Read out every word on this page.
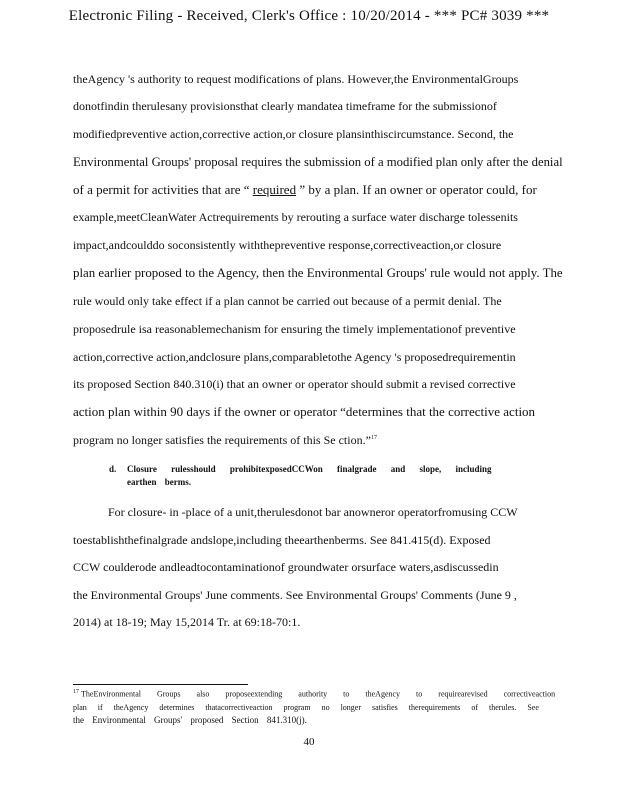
Electronic Filing - Received, Clerk's Office : 10/20/2014 - *** PC# 3039 ***
theAgency 's authority to request modifications of plans. However,the EnvironmentalGroups
donotfindin therulesany provisionsthat clearly mandatea timeframe for the submissionof
modifiedpreventive action,corrective action,or closure plansinthiscircumstance. Second, the
Environmental Groups' proposal requires the submission of a modified plan only after the denial
of a permit for activities that are “ required ” by a plan. If an owner or operator could, for
example,meetCleanWater Actrequirements by rerouting a surface water discharge tolessenits
impact,andcoulddo soconsistently withthepreventive response,correctiveaction,or closure
plan earlier proposed to the Agency, then the Environmental Groups' rule would not apply. The
rule would only take effect if a plan cannot be carried out because of a permit denial. The
proposedrule isa reasonablemechanism for ensuring the timely implementationof preventive
action,corrective action,andclosure plans,comparabletothe Agency 's proposedrequirementin
its proposed Section 840.310(i) that an owner or operator should submit a revised corrective
action plan within 90 days if the owner or operator “determines that the corrective action
program no longer satisfies the requirements of this Se ction.”$^{17}$
d. Closure rulesshould prohibitexposedCCWon finalgrade and slope, including
earthen berms.
For closure- in -place of a unit,therulesdonot bar anowneror operatorfromusing CCW
toestablishthefinalgrade andslope,including theearthenberms. See 841.415(d). Exposed
CCW coulderode andleadtocontaminationof groundwater orsurface waters,asdiscussedin
the Environmental Groups' June comments. See Environmental Groups' Comments (June 9 ,
2014) at 18-19; May 15,2014 Tr. at 69:18-70:1.
$^{17}$ TheEnvironmental Groups also proposeextending authority to theAgency to requirearevised correctiveaction
plan if theAgency determines thatacorrectiveaction program no longer satisfies therequirements of therules. See
the Environmental Groups' proposed Section 841.310(j).
40
